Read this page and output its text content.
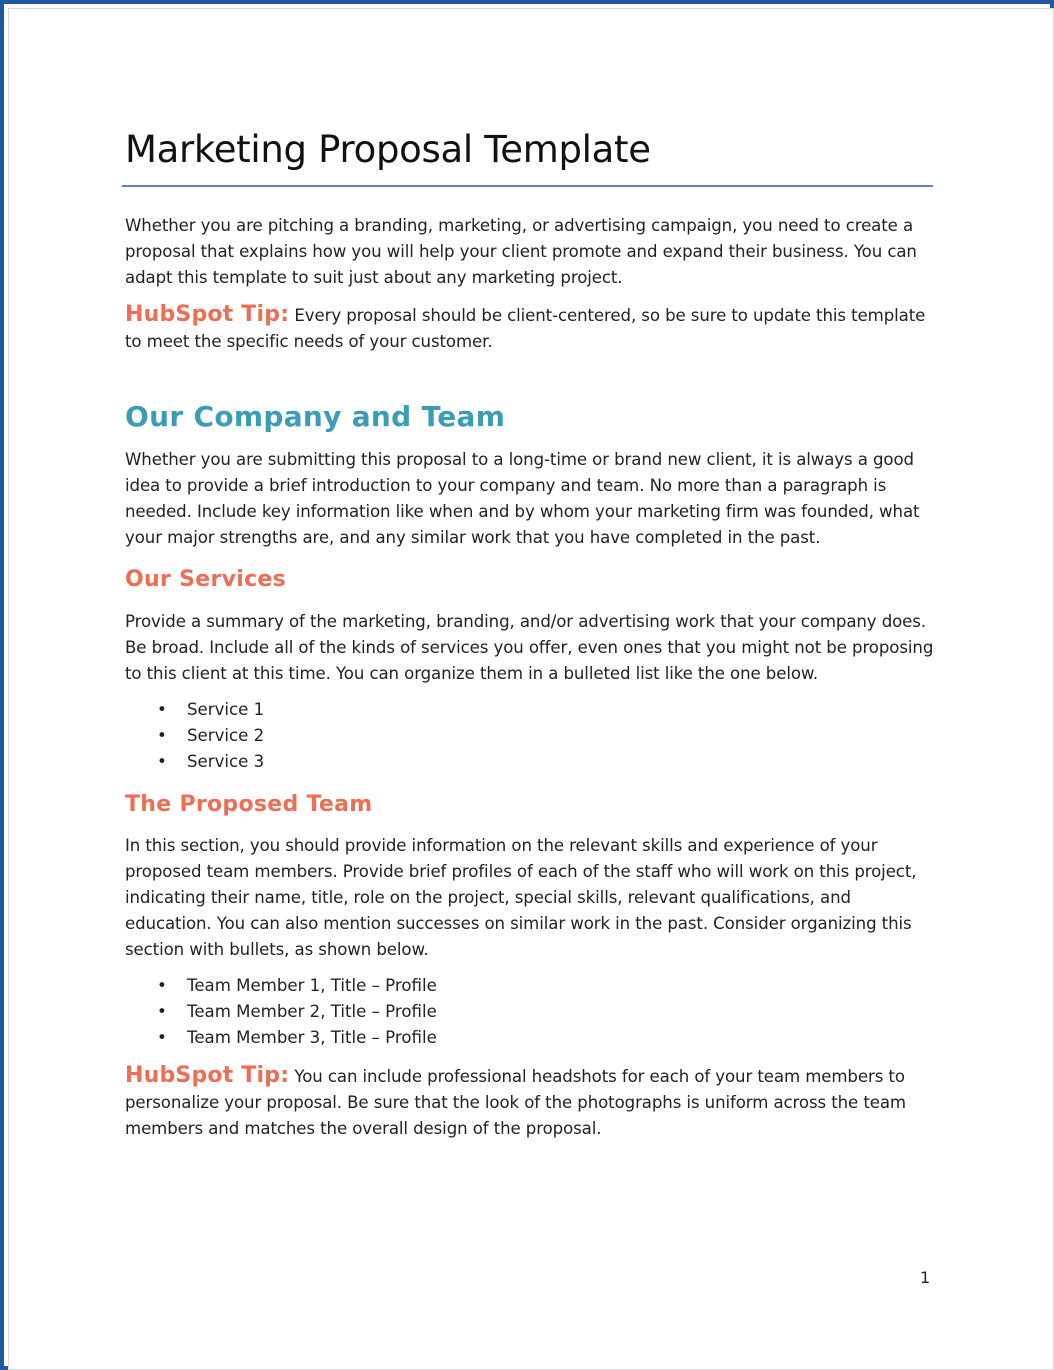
Marketing Proposal Template
Whether you are pitching a branding, marketing, or advertising campaign, you need to create a proposal that explains how you will help your client promote and expand their business. You can adapt this template to suit just about any marketing project.
HubSpot Tip: Every proposal should be client-centered, so be sure to update this template to meet the specific needs of your customer.
Our Company and Team
Whether you are submitting this proposal to a long-time or brand new client, it is always a good idea to provide a brief introduction to your company and team. No more than a paragraph is needed. Include key information like when and by whom your marketing firm was founded, what your major strengths are, and any similar work that you have completed in the past.
Our Services
Provide a summary of the marketing, branding, and/or advertising work that your company does. Be broad. Include all of the kinds of services you offer, even ones that you might not be proposing to this client at this time. You can organize them in a bulleted list like the one below.
• Service 1
• Service 2
• Service 3
The Proposed Team
In this section, you should provide information on the relevant skills and experience of your proposed team members. Provide brief profiles of each of the staff who will work on this project, indicating their name, title, role on the project, special skills, relevant qualifications, and education. You can also mention successes on similar work in the past. Consider organizing this section with bullets, as shown below.
• Team Member 1, Title – Profile
• Team Member 2, Title – Profile
• Team Member 3, Title – Profile
HubSpot Tip: You can include professional headshots for each of your team members to personalize your proposal. Be sure that the look of the photographs is uniform across the team members and matches the overall design of the proposal.
1
